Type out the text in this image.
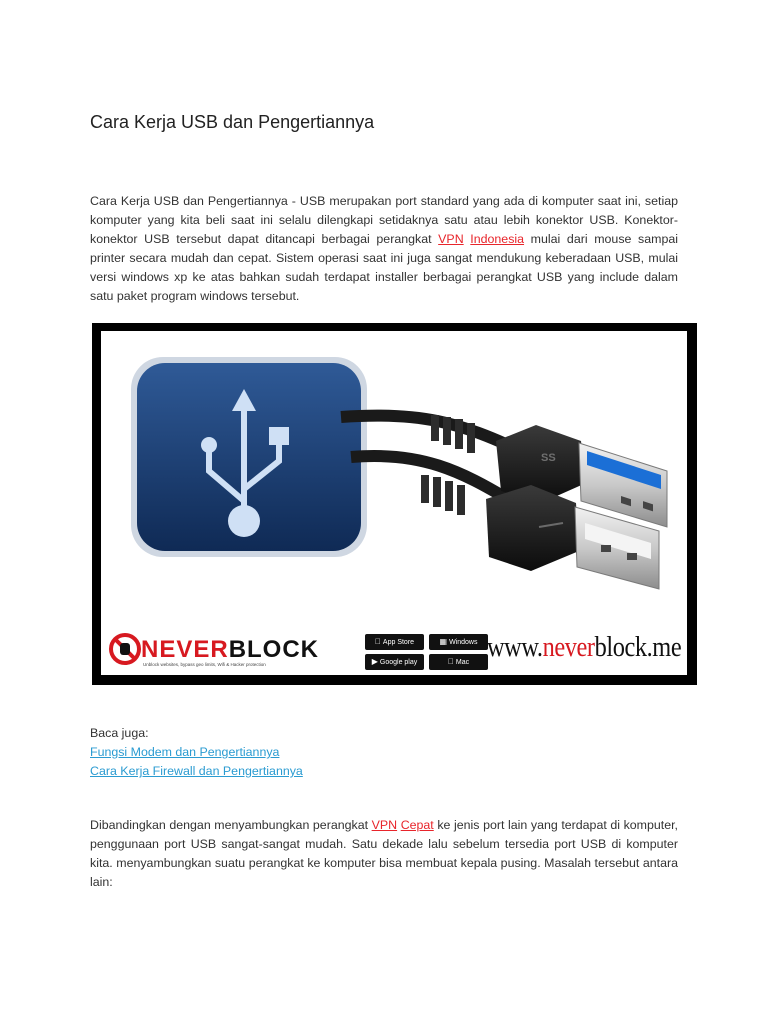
Cara Kerja USB dan Pengertiannya

Cara Kerja USB dan Pengertiannya - USB merupakan port standard yang ada di komputer saat ini, setiap komputer yang kita beli saat ini selalu dilengkapi setidaknya satu atau lebih konektor USB. Konektor-konektor USB tersebut dapat ditancapi berbagai perangkat VPN Indonesia mulai dari mouse sampai printer secara mudah dan cepat. Sistem operasi saat ini juga sangat mendukung keberadaan USB, mulai versi windows xp ke atas bahkan sudah terdapat installer berbagai perangkat USB yang include dalam satu paket program windows tersebut.

Baca juga:
Fungsi Modem dan Pengertiannya
Cara Kerja Firewall dan Pengertiannya

Dibandingkan dengan menyambungkan perangkat VPN Cepat ke jenis port lain yang terdapat di komputer, penggunaan port USB sangat-sangat mudah. Satu dekade lalu sebelum tersedia port USB di komputer kita. menyambungkan suatu perangkat ke komputer bisa membuat kepala pusing. Masalah tersebut antara lain:

SS
NEVERBLOCK
Unblock websites, bypass geo limits, Wifi & Hacker protection
App Store	▦ Windows
▶ Google play	Mac www.neverblock.me
